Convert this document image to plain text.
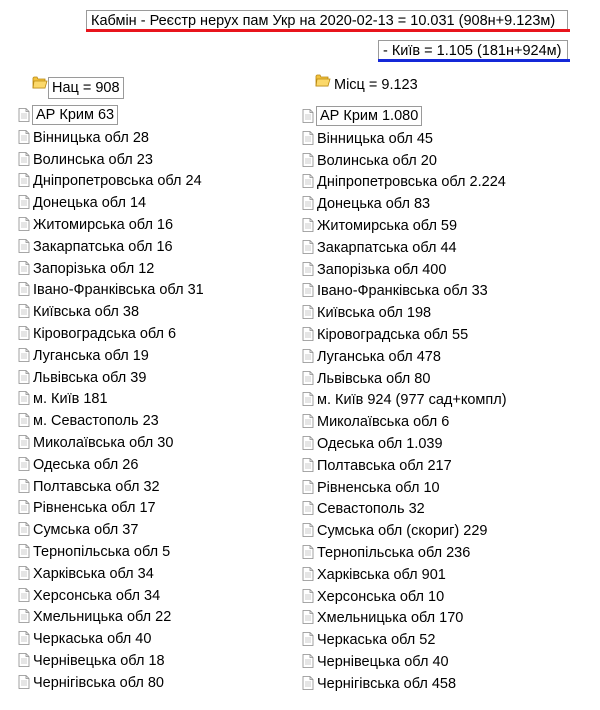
Кабмін - Реєстр нерух пам Укр на 2020-02-13 = 10.031 (908н+9.123м)
- Київ = 1.105 (181н+924м)
Нац = 908	Місц = 9.123
АР Крим 63
Вінницька обл 28
Волинська обл 23
Дніпропетровська обл 24
Донецька обл 14
Житомирська обл 16
Закарпатська обл 16
Запорізька обл 12
Івано-Франківська обл 31
Київська обл 38
Кіровоградська обл 6
Луганська обл 19
Львівська обл 39
м. Київ 181
м. Севастополь 23
Миколаївська обл 30
Одеська обл 26
Полтавська обл 32
Рівненська обл 17
Сумська обл 37
Тернопільська обл 5
Харківська обл 34
Херсонська обл 34
Хмельницька обл 22
Черкаська обл 40
Чернівецька обл 18
Чернігівська обл 80
АР Крим 1.080
Вінницька обл 45
Волинська обл 20
Дніпропетровська обл 2.224
Донецька обл 83
Житомирська обл 59
Закарпатська обл 44
Запорізька обл 400
Івано-Франківська обл 33
Київська обл 198
Кіровоградська обл 55
Луганська обл 478
Львівська обл 80
м. Київ 924 (977 сад+компл)
Миколаївська обл 6
Одеська обл 1.039
Полтавська обл 217
Рівненська обл 10
Севастополь 32
Сумська обл (скориг) 229
Тернопільська обл 236
Харківська обл 901
Херсонська обл 10
Хмельницька обл 170
Черкаська обл 52
Чернівецька обл 40
Чернігівська обл 458
